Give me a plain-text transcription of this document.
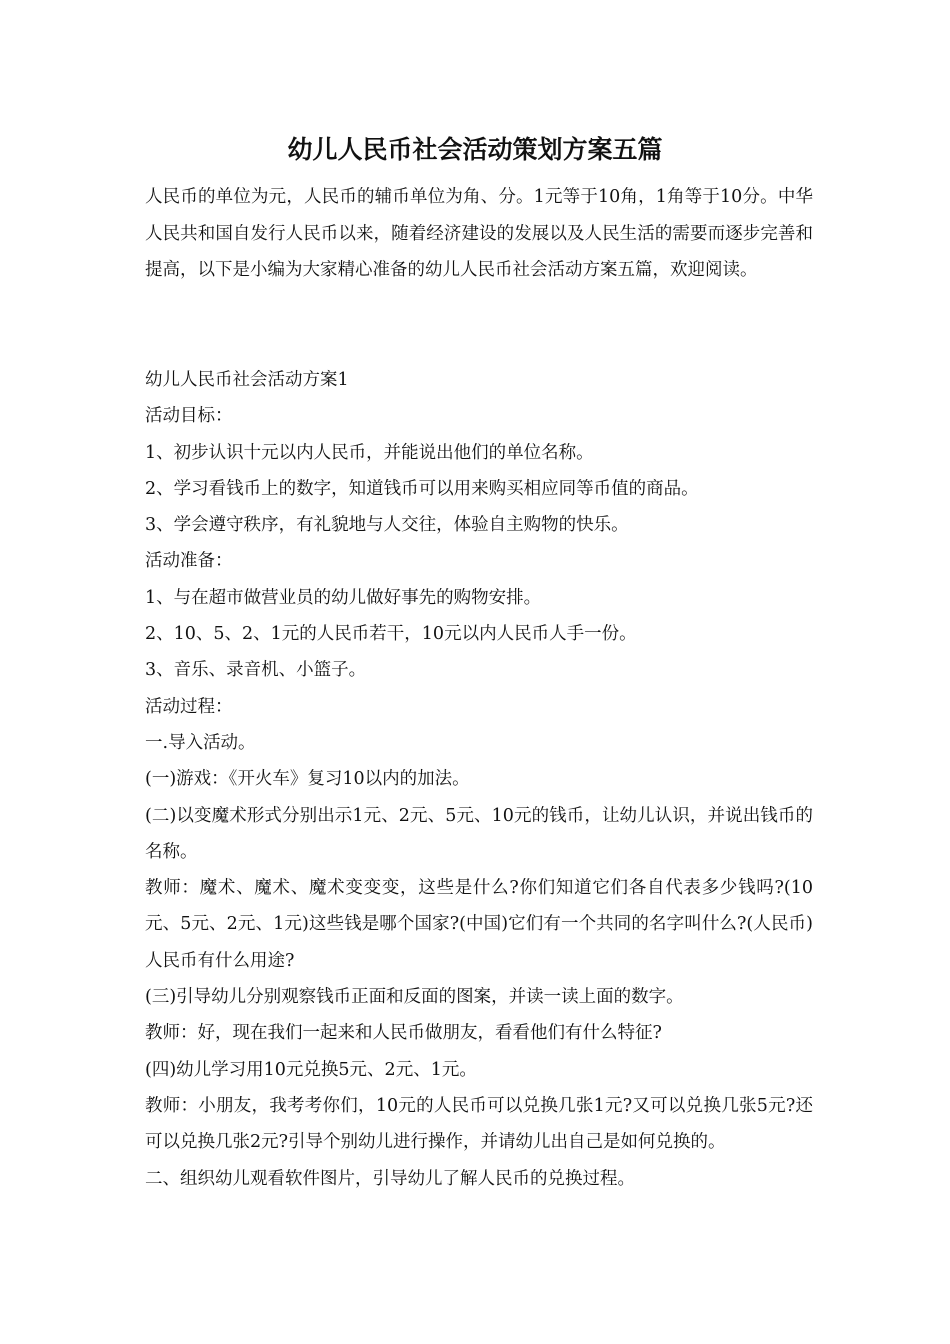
幼儿人民币社会活动策划方案五篇

人民币的单位为元，人民币的辅币单位为角、分。1元等于10角，1角等于10分。中华人民共和国自发行人民币以来，随着经济建设的发展以及人民生活的需要而逐步完善和提高，以下是小编为大家精心准备的幼儿人民币社会活动方案五篇，欢迎阅读。

幼儿人民币社会活动方案1

活动目标：

1、初步认识十元以内人民币，并能说出他们的单位名称。

2、学习看钱币上的数字，知道钱币可以用来购买相应同等币值的商品。

3、学会遵守秩序，有礼貌地与人交往，体验自主购物的快乐。

活动准备：

1、与在超市做营业员的幼儿做好事先的购物安排。

2、10、5、2、1元的人民币若干，10元以内人民币人手一份。

3、音乐、录音机、小篮子。

活动过程：

一.导入活动。

(一)游戏：《开火车》复习10以内的加法。

(二)以变魔术形式分别出示1元、2元、5元、10元的钱币，让幼儿认识，并说出钱币的名称。

教师：魔术、魔术、魔术变变变，这些是什么?你们知道它们各自代表多少钱吗?(10元、5元、2元、1元)这些钱是哪个国家?(中国)它们有一个共同的名字叫什么?(人民币)人民币有什么用途?

(三)引导幼儿分别观察钱币正面和反面的图案，并读一读上面的数字。

教师：好，现在我们一起来和人民币做朋友，看看他们有什么特征?

(四)幼儿学习用10元兑换5元、2元、1元。

教师：小朋友，我考考你们，10元的人民币可以兑换几张1元?又可以兑换几张5元?还可以兑换几张2元?引导个别幼儿进行操作，并请幼儿出自己是如何兑换的。

二、组织幼儿观看软件图片，引导幼儿了解人民币的兑换过程。
